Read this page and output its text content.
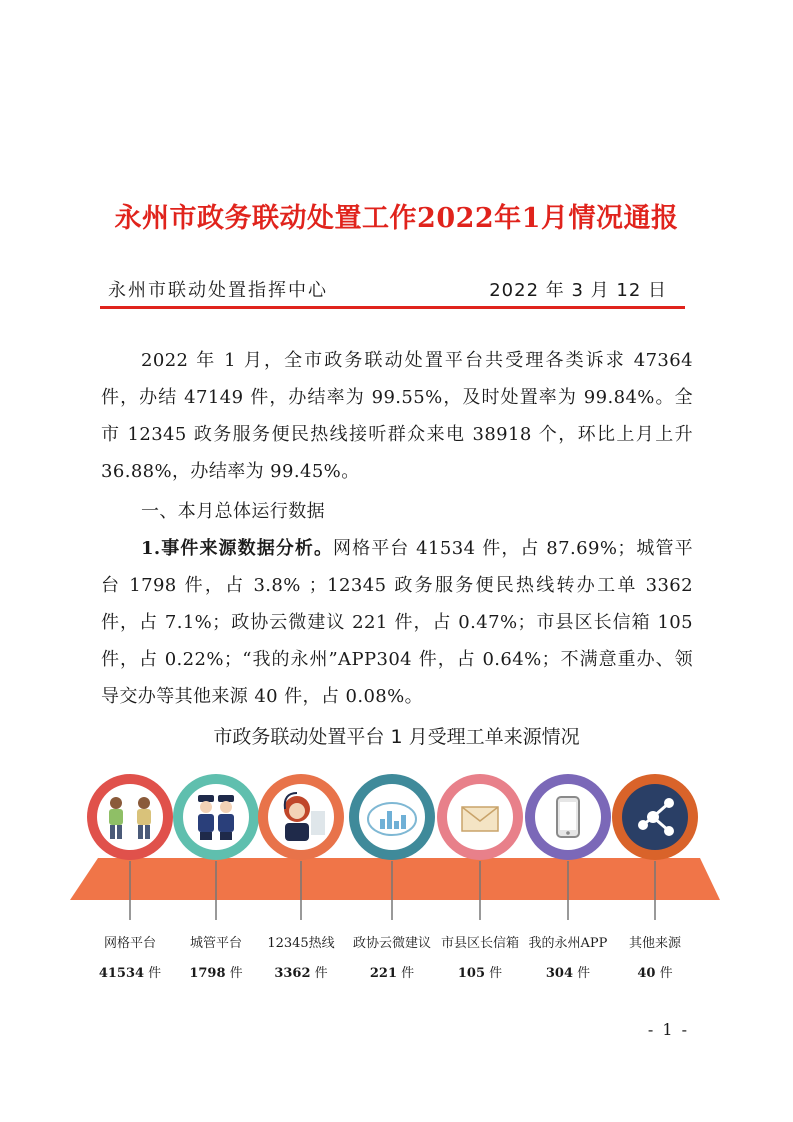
永州市政务联动处置工作2022年1月情况通报
永州市联动处置指挥中心	2022 年 3 月 12 日
2022 年 1 月，全市政务联动处置平台共受理各类诉求 47364 件，办结 47149 件，办结率为 99.55%，及时处置率为 99.84%。全市 12345 政务服务便民热线接听群众来电 38918 个，环比上月上升 36.88%，办结率为 99.45%。
一、本月总体运行数据
1.事件来源数据分析。网格平台 41534 件，占 87.69%；城管平台 1798 件，占 3.8% ；12345 政务服务便民热线转办工单 3362 件，占 7.1%；政协云微建议 221 件，占 0.47%；市县区长信箱 105 件，占 0.22%；“我的永州”APP304 件，占 0.64%；不满意重办、领导交办等其他来源 40 件，占 0.08%。
市政务联动处置平台 1 月受理工单来源情况
网格平台
41534 件
城管平台
1798 件
12345热线
3362 件
政协云微建议
221 件
市县区长信箱
105 件
我的永州APP
304 件
其他来源
40 件
- 1 -
